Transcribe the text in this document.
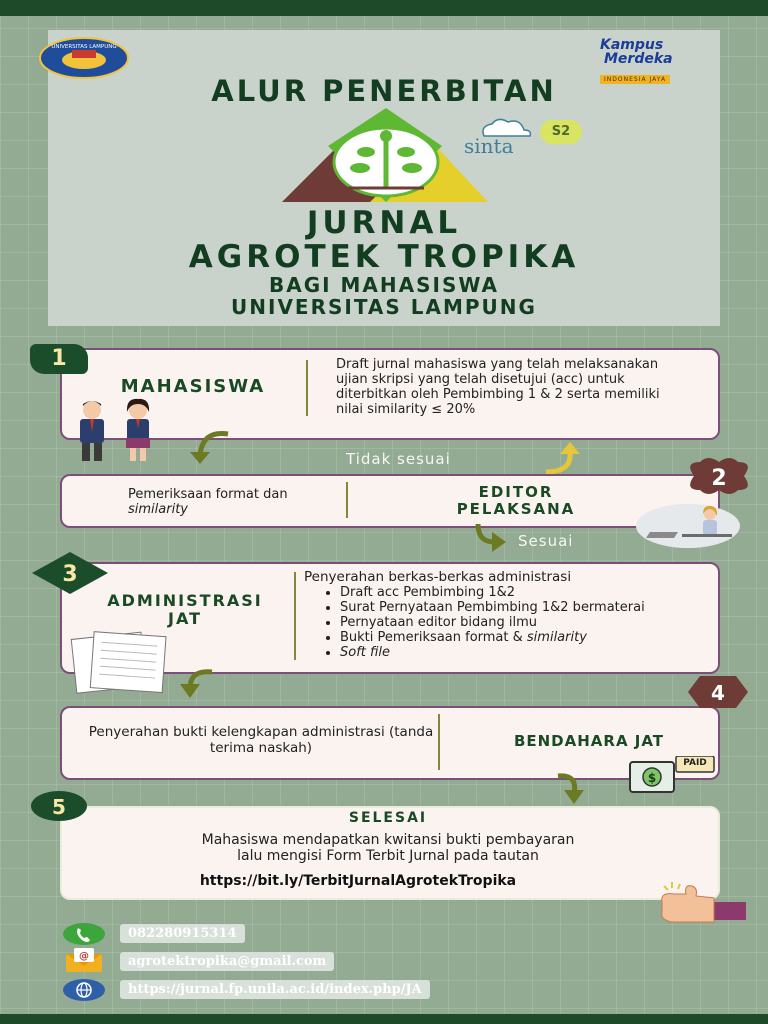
UNIVERSITAS LAMPUNG	Kampus
Merdeka
INDONESIA JAYA
ALUR PENERBITAN
sinta
S2
JURNAL
AGROTEK TROPIKA
BAGI MAHASISWA
UNIVERSITAS LAMPUNG
1
MAHASISWA
Draft jurnal mahasiswa yang telah melaksanakan ujian skripsi yang telah disetujui (acc) untuk diterbitkan oleh Pembimbing 1 & 2 serta memiliki nilai similarity ≤ 20%
Tidak sesuai
2
Pemeriksaan format dan similarity
EDITOR
PELAKSANA
Sesuai
3
ADMINISTRASI
JAT
Penyerahan berkas-berkas administrasi
• Draft acc Pembimbing 1&2
• Surat Pernyataan Pembimbing 1&2 bermaterai
• Pernyataan editor bidang ilmu
• Bukti Pemeriksaan format & similarity
• Soft file
4
Penyerahan bukti kelengkapan administrasi (tanda terima naskah)	BENDAHARA JAT
$
PAID
5	SELESAI
Mahasiswa mendapatkan kwitansi bukti pembayaran
lalu mengisi Form Terbit Jurnal pada tautan
https://bit.ly/TerbitJurnalAgrotekTropika
082280915314
@	agrotektropika@gmail.com
https://jurnal.fp.unila.ac.id/index.php/JA
